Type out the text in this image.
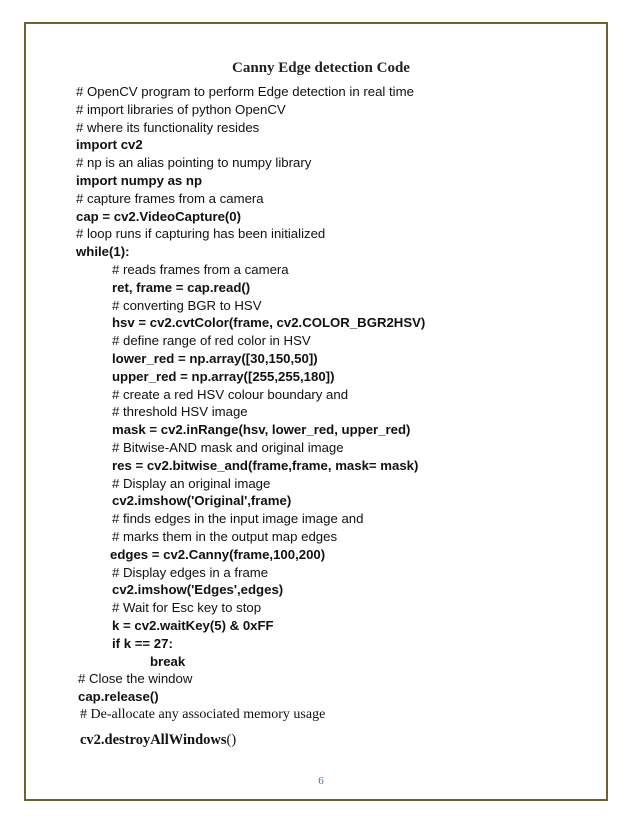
Canny Edge detection Code
# OpenCV program to perform Edge detection in real time
# import libraries of python OpenCV
# where its functionality resides
import cv2
# np is an alias pointing to numpy library
import numpy as np
# capture frames from a camera
cap = cv2.VideoCapture(0)
# loop runs if capturing has been initialized
while(1):
# reads frames from a camera
ret, frame = cap.read()
# converting BGR to HSV
hsv = cv2.cvtColor(frame, cv2.COLOR_BGR2HSV)
# define range of red color in HSV
lower_red = np.array([30,150,50])
upper_red = np.array([255,255,180])
# create a red HSV colour boundary and
# threshold HSV image
mask = cv2.inRange(hsv, lower_red, upper_red)
# Bitwise-AND mask and original image
res = cv2.bitwise_and(frame,frame, mask= mask)
# Display an original image
cv2.imshow('Original',frame)
# finds edges in the input image image and
# marks them in the output map edges
edges = cv2.Canny(frame,100,200)
# Display edges in a frame
cv2.imshow('Edges',edges)
# Wait for Esc key to stop
k = cv2.waitKey(5) & 0xFF
if k == 27:
break
# Close the window
cap.release()
# De-allocate any associated memory usage
cv2.destroyAllWindows()
6
